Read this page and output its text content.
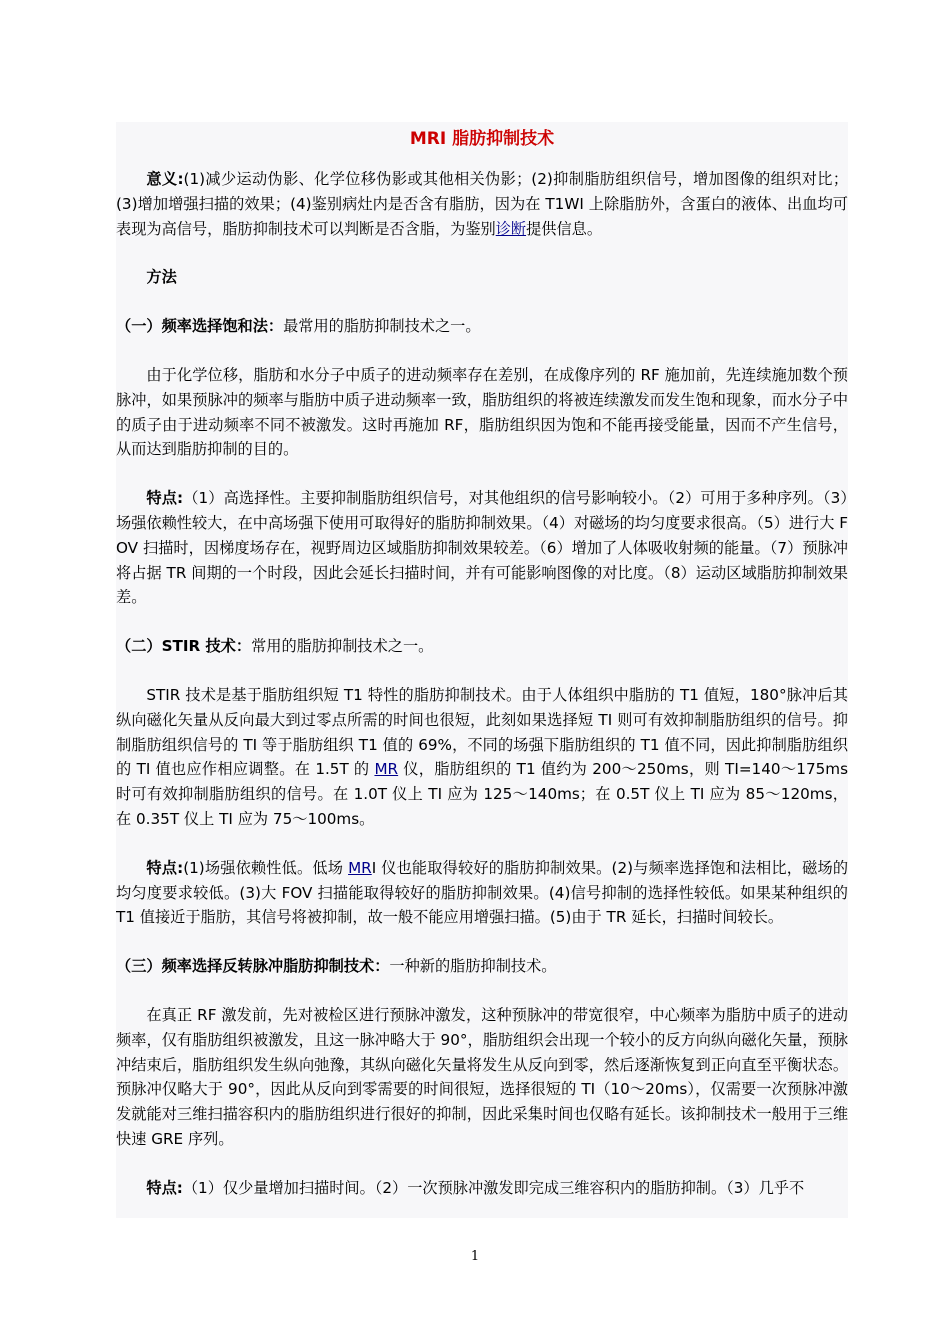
MRI 脂肪抑制技术

意义:(1)减少运动伪影、化学位移伪影或其他相关伪影；(2)抑制脂肪组织信号，增加图像的组织对比；(3)增加增强扫描的效果；(4)鉴别病灶内是否含有脂肪，因为在 T1WI 上除脂肪外，含蛋白的液体、出血均可表现为高信号，脂肪抑制技术可以判断是否含脂，为鉴别诊断提供信息。

方法

（一）频率选择饱和法：最常用的脂肪抑制技术之一。

由于化学位移，脂肪和水分子中质子的进动频率存在差别，在成像序列的 RF 施加前，先连续施加数个预脉冲，如果预脉冲的频率与脂肪中质子进动频率一致，脂肪组织的将被连续激发而发生饱和现象，而水分子中的质子由于进动频率不同不被激发。这时再施加 RF，脂肪组织因为饱和不能再接受能量，因而不产生信号，从而达到脂肪抑制的目的。

特点:（1）高选择性。主要抑制脂肪组织信号，对其他组织的信号影响较小。（2）可用于多种序列。（3）场强依赖性较大，在中高场强下使用可取得好的脂肪抑制效果。（4）对磁场的均匀度要求很高。（5）进行大 FOV 扫描时，因梯度场存在，视野周边区域脂肪抑制效果较差。（6）增加了人体吸收射频的能量。（7）预脉冲将占据 TR 间期的一个时段，因此会延长扫描时间，并有可能影响图像的对比度。（8）运动区域脂肪抑制效果差。

（二）STIR 技术：常用的脂肪抑制技术之一。

STIR 技术是基于脂肪组织短 T1 特性的脂肪抑制技术。由于人体组织中脂肪的 T1 值短，180°脉冲后其纵向磁化矢量从反向最大到过零点所需的时间也很短，此刻如果选择短 TI 则可有效抑制脂肪组织的信号。抑制脂肪组织信号的 TI 等于脂肪组织 T1 值的 69%，不同的场强下脂肪组织的 T1 值不同，因此抑制脂肪组织的 TI 值也应作相应调整。在 1.5T 的 MR 仪，脂肪组织的 T1 值约为 200～250ms，则 TI=140～175ms 时可有效抑制脂肪组织的信号。在 1.0T 仪上 TI 应为 125～140ms；在 0.5T 仪上 TI 应为 85～120ms，在 0.35T 仪上 TI 应为 75～100ms。

特点:(1)场强依赖性低。低场 MRI 仪也能取得较好的脂肪抑制效果。(2)与频率选择饱和法相比，磁场的均匀度要求较低。(3)大 FOV 扫描能取得较好的脂肪抑制效果。(4)信号抑制的选择性较低。如果某种组织的 T1 值接近于脂肪，其信号将被抑制，故一般不能应用增强扫描。(5)由于 TR 延长，扫描时间较长。

（三）频率选择反转脉冲脂肪抑制技术：一种新的脂肪抑制技术。

在真正 RF 激发前，先对被检区进行预脉冲激发，这种预脉冲的带宽很窄，中心频率为脂肪中质子的进动频率，仅有脂肪组织被激发，且这一脉冲略大于 90°，脂肪组织会出现一个较小的反方向纵向磁化矢量，预脉冲结束后，脂肪组织发生纵向弛豫，其纵向磁化矢量将发生从反向到零，然后逐渐恢复到正向直至平衡状态。预脉冲仅略大于 90°，因此从反向到零需要的时间很短，选择很短的 TI（10～20ms），仅需要一次预脉冲激发就能对三维扫描容积内的脂肪组织进行很好的抑制，因此采集时间也仅略有延长。该抑制技术一般用于三维快速 GRE 序列。

特点:（1）仅少量增加扫描时间。（2）一次预脉冲激发即完成三维容积内的脂肪抑制。（3）几乎不

1
